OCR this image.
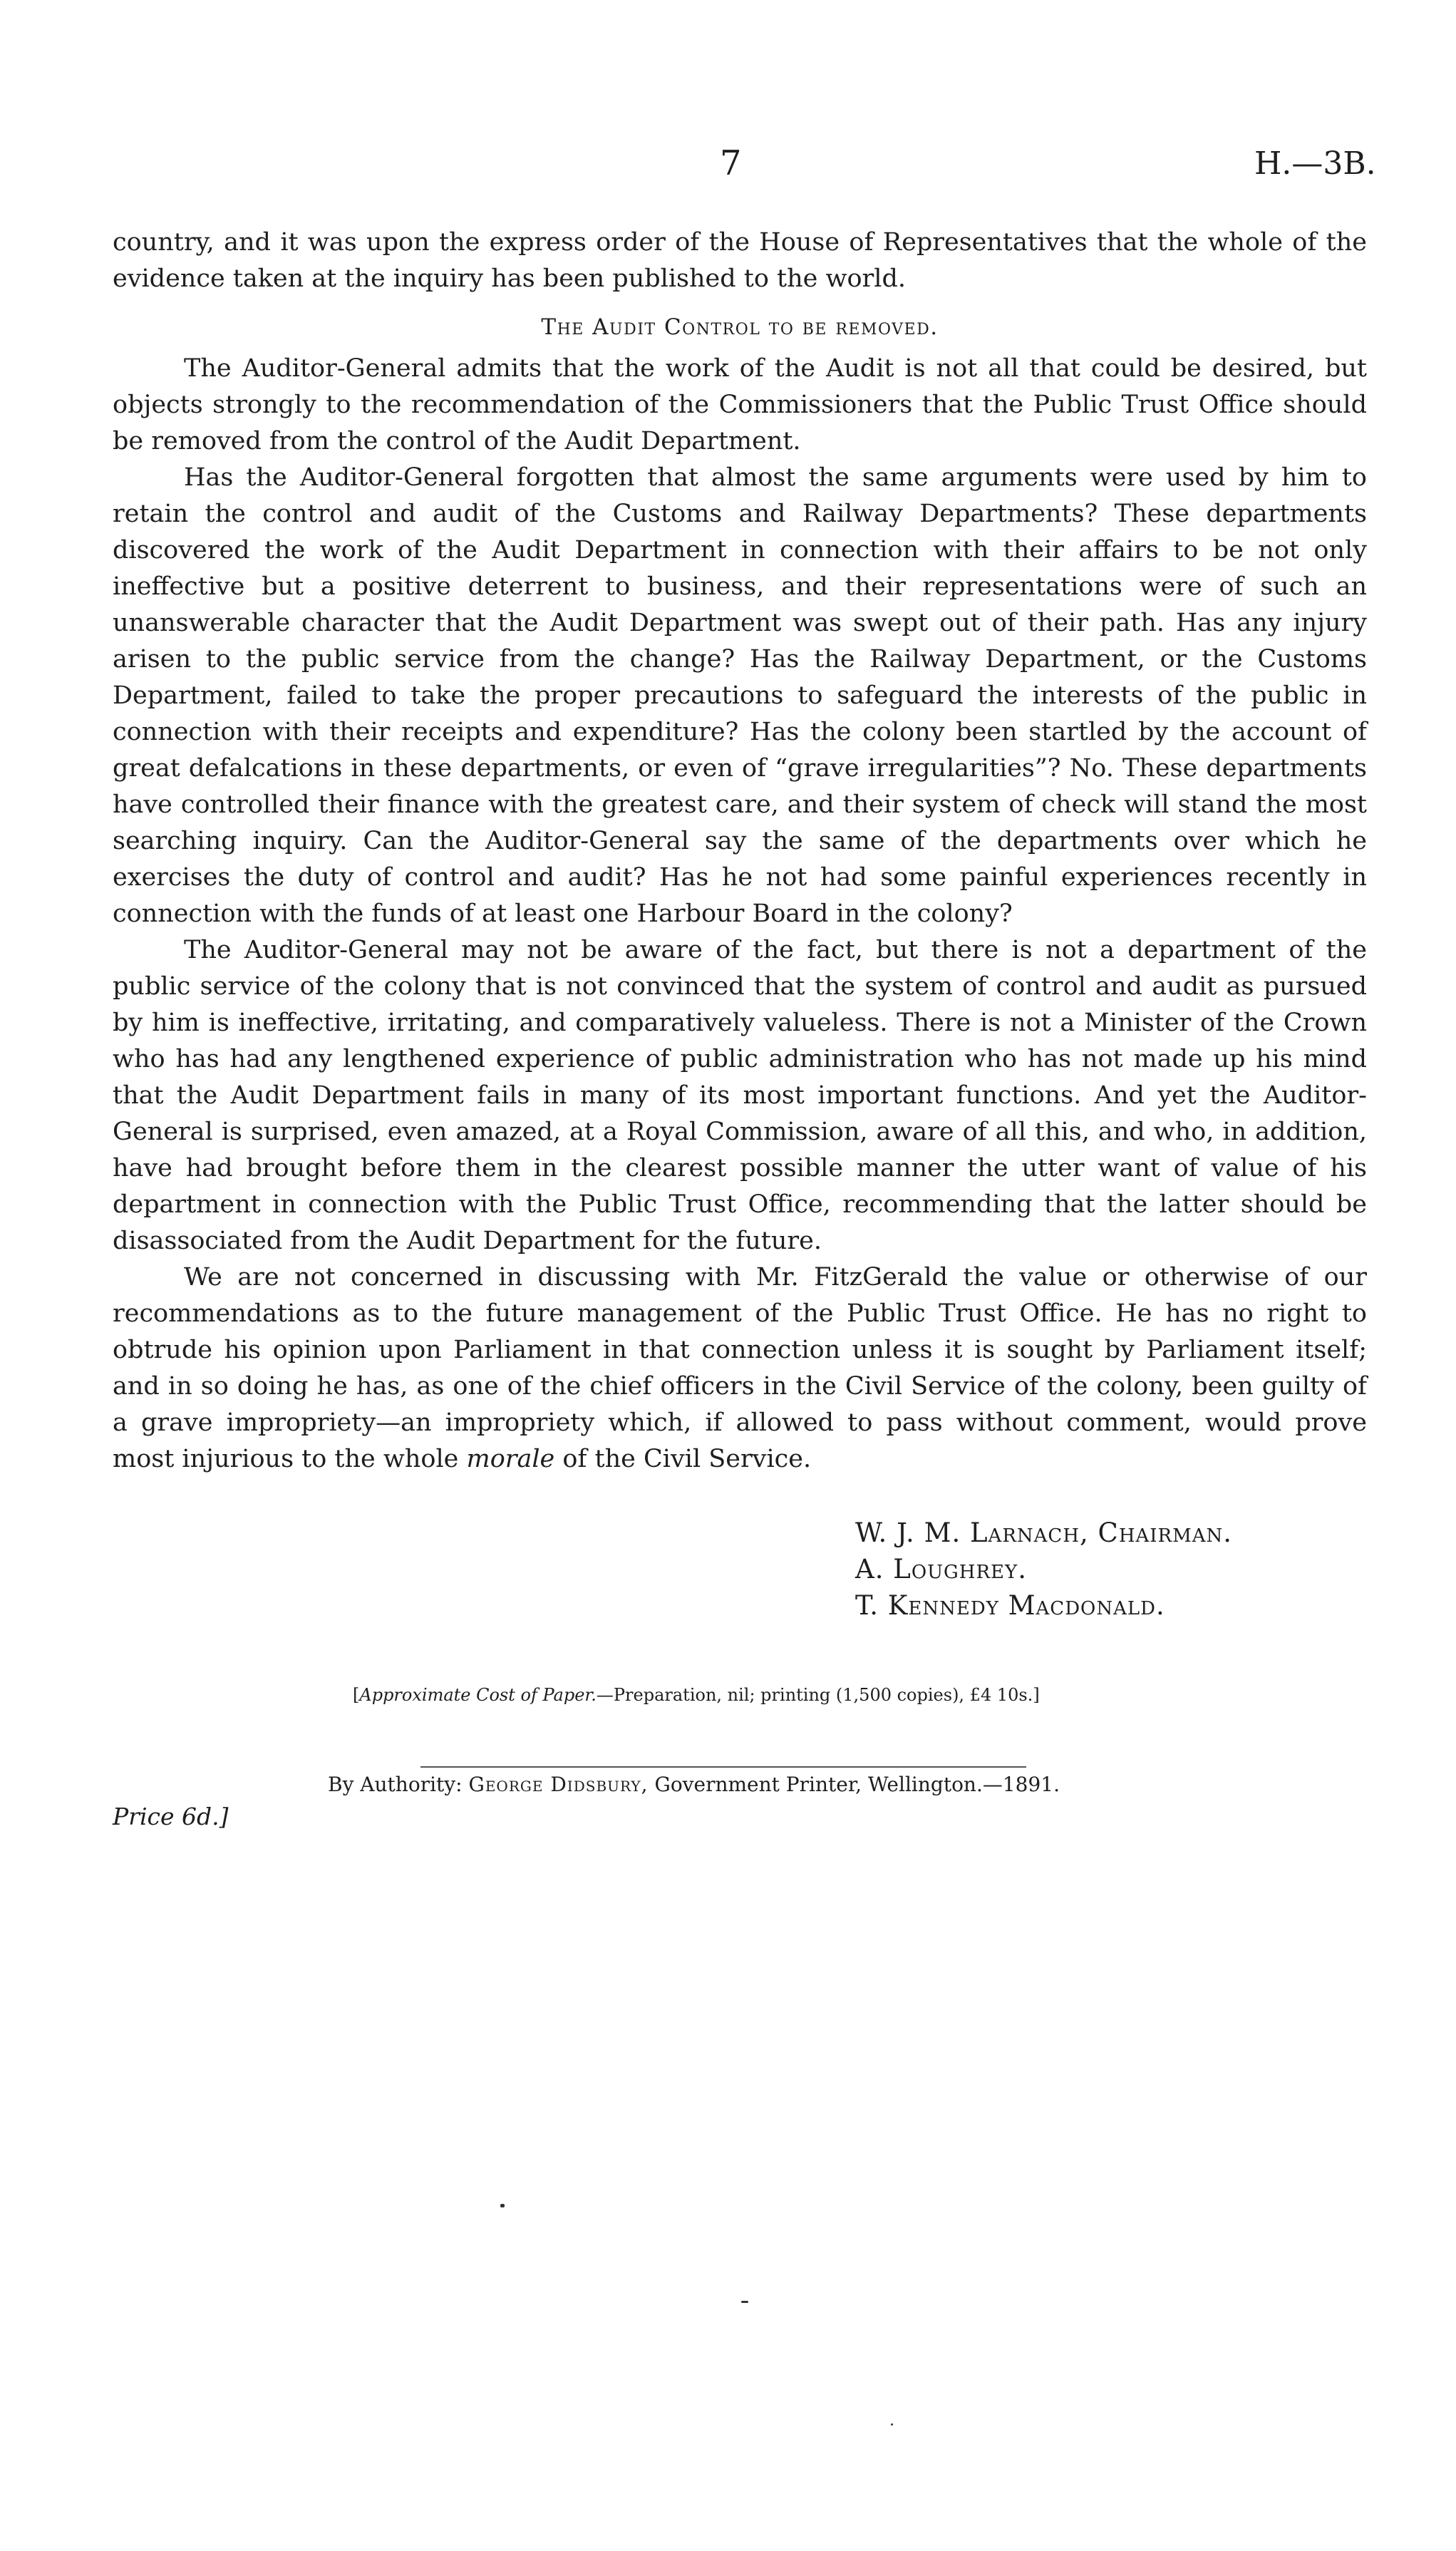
7	H.—3B.

country, and it was upon the express order of the House of Representatives that the whole of the evidence taken at the inquiry has been published to the world.

The Audit Control to be removed.

The Auditor-General admits that the work of the Audit is not all that could be desired, but objects strongly to the recommendation of the Commissioners that the Public Trust Office should be removed from the control of the Audit Department.

Has the Auditor-General forgotten that almost the same arguments were used by him to retain the control and audit of the Customs and Railway Departments? These departments discovered the work of the Audit Department in connection with their affairs to be not only ineffective but a positive deterrent to business, and their representations were of such an unanswerable character that the Audit Department was swept out of their path. Has any injury arisen to the public service from the change? Has the Railway Department, or the Customs Department, failed to take the proper precautions to safeguard the interests of the public in connection with their receipts and expenditure? Has the colony been startled by the account of great defalcations in these departments, or even of “grave irregularities”? No. These departments have controlled their finance with the greatest care, and their system of check will stand the most searching inquiry. Can the Auditor-General say the same of the departments over which he exercises the duty of control and audit? Has he not had some painful experiences recently in connection with the funds of at least one Harbour Board in the colony?

The Auditor-General may not be aware of the fact, but there is not a department of the public service of the colony that is not convinced that the system of control and audit as pursued by him is ineffective, irritating, and comparatively valueless. There is not a Minister of the Crown who has had any lengthened experience of public administration who has not made up his mind that the Audit Department fails in many of its most important functions. And yet the Auditor-General is surprised, even amazed, at a Royal Commission, aware of all this, and who, in addition, have had brought before them in the clearest possible manner the utter want of value of his department in connection with the Public Trust Office, recommending that the latter should be disassociated from the Audit Department for the future.

We are not concerned in discussing with Mr. FitzGerald the value or otherwise of our recommendations as to the future management of the Public Trust Office. He has no right to obtrude his opinion upon Parliament in that connection unless it is sought by Parliament itself; and in so doing he has, as one of the chief officers in the Civil Service of the colony, been guilty of a grave impropriety—an impropriety which, if allowed to pass without comment, would prove most injurious to the whole morale of the Civil Service.

W. J. M. Larnach, Chairman.
A. Loughrey.
T. Kennedy Macdonald.
[Approximate Cost of Paper.—Preparation, nil; printing (1,500 copies), £4 10s.]
By Authority: George Didsbury, Government Printer, Wellington.—1891.
Price 6d.]
